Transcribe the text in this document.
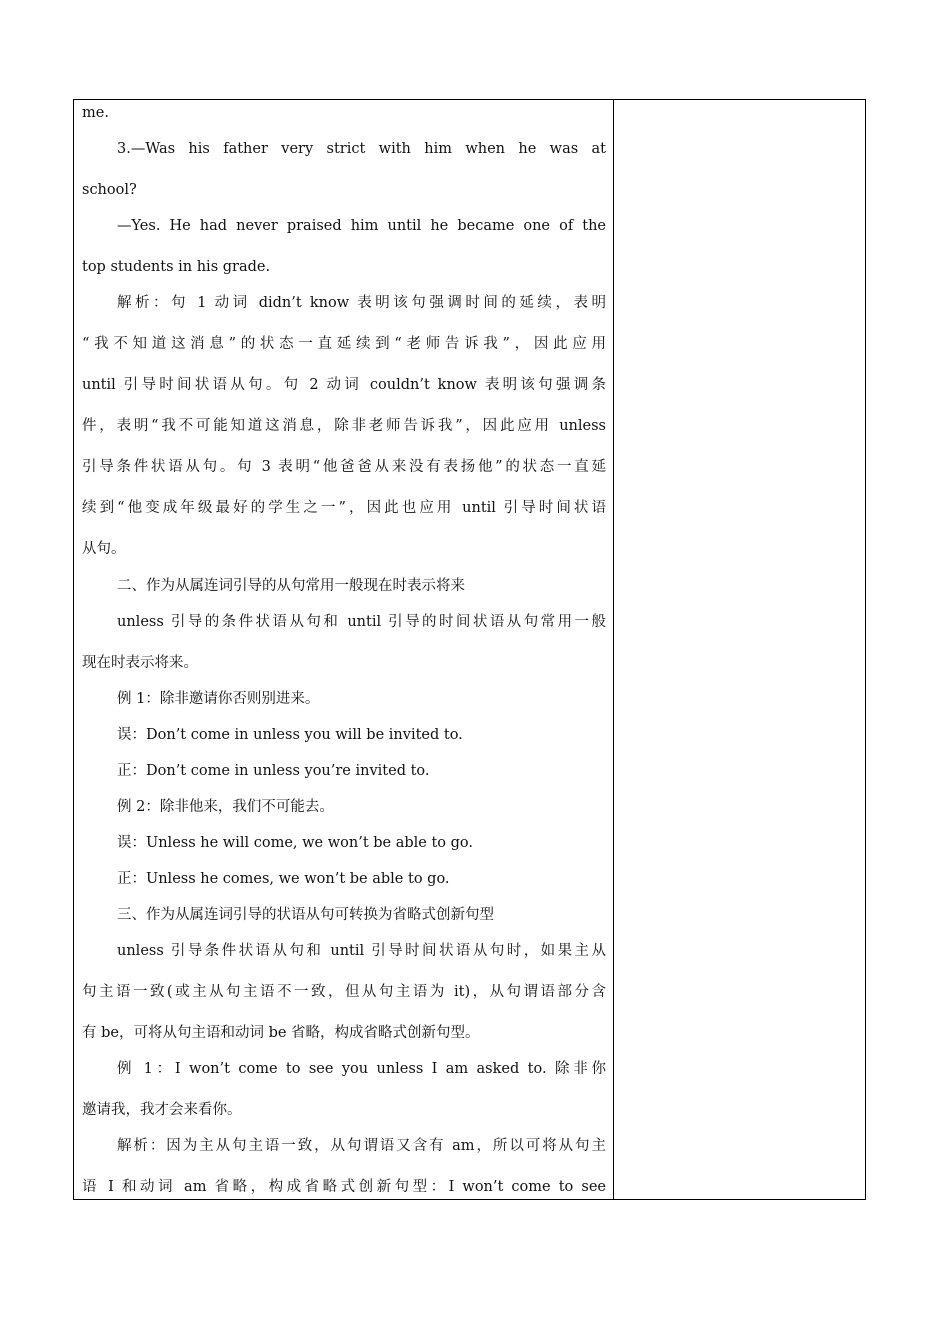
me.
3.—Was his father very strict with him when he was at
school?
—Yes. He had never praised him until he became one of the
top students in his grade.
解析：句 1 动词 didn’t know 表明该句强调时间的延续，表明
“我不知道这消息”的状态一直延续到“老师告诉我”，因此应用
until 引导时间状语从句。句 2 动词 couldn’t know 表明该句强调条
件，表明“我不可能知道这消息，除非老师告诉我”，因此应用 unless
引导条件状语从句。句 3 表明“他爸爸从来没有表扬他”的状态一直延
续到“他变成年级最好的学生之一”，因此也应用 until 引导时间状语
从句。
二、作为从属连词引导的从句常用一般现在时表示将来
unless 引导的条件状语从句和 until 引导的时间状语从句常用一般
现在时表示将来。
例 1：除非邀请你否则别进来。
误：Don’t come in unless you will be invited to.
正：Don’t come in unless you’re invited to.
例 2：除非他来，我们不可能去。
误：Unless he will come, we won’t be able to go.
正：Unless he comes, we won’t be able to go.
三、作为从属连词引导的状语从句可转换为省略式创新句型
unless 引导条件状语从句和 until 引导时间状语从句时，如果主从
句主语一致(或主从句主语不一致，但从句主语为 it)，从句谓语部分含
有 be，可将从句主语和动词 be 省略，构成省略式创新句型。
例 1：I won’t come to see you unless I am asked to. 除非你
邀请我，我才会来看你。
解析：因为主从句主语一致，从句谓语又含有 am，所以可将从句主
语 I 和动词 am 省略，构成省略式创新句型：I won’t come to see
